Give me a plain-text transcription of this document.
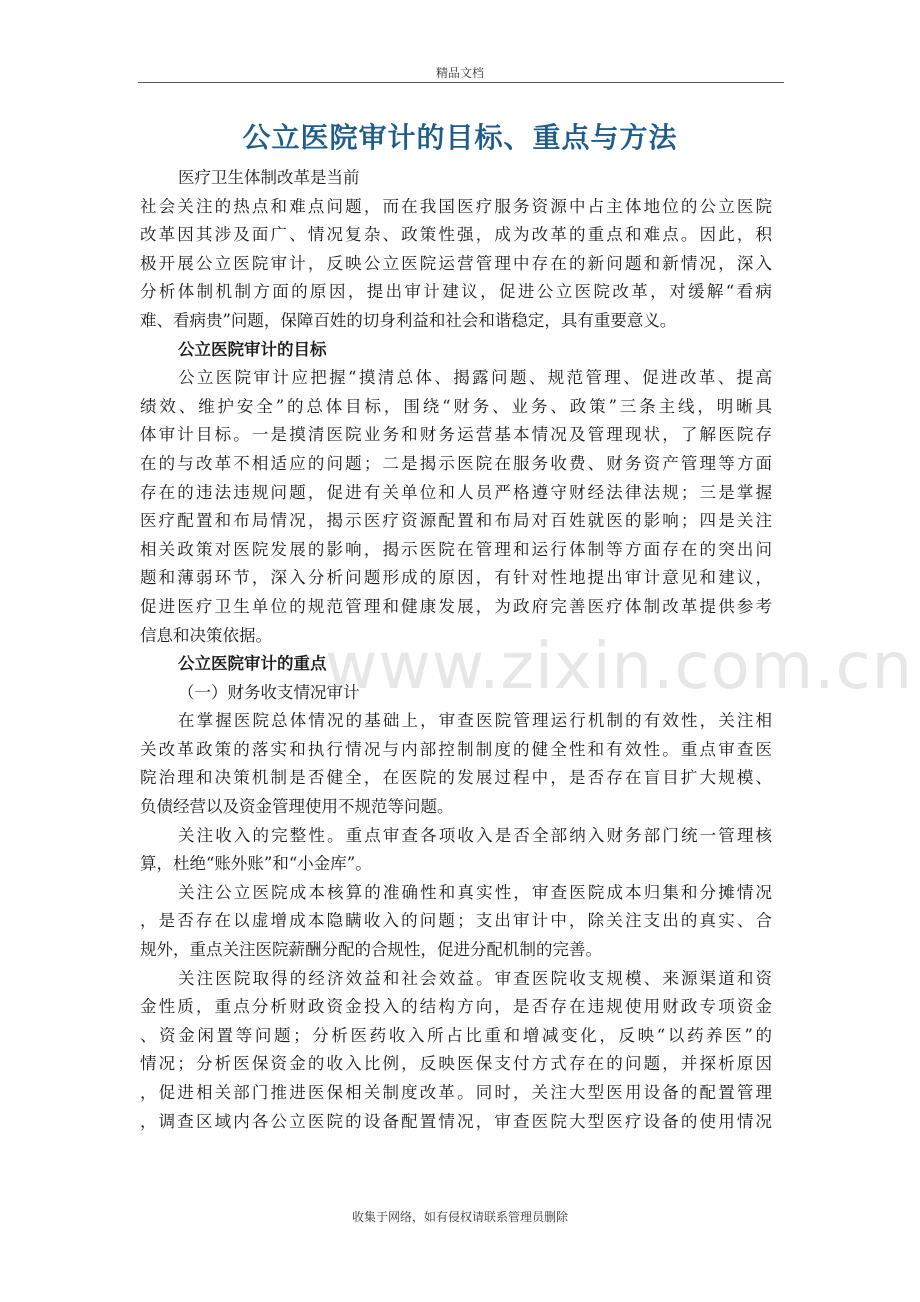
精品文档
公立医院审计的目标、重点与方法
医疗卫生体制改革是当前
社会关注的热点和难点问题，而在我国医疗服务资源中占主体地位的公立医院
改革因其涉及面广、情况复杂、政策性强，成为改革的重点和难点。因此，积
极开展公立医院审计，反映公立医院运营管理中存在的新问题和新情况，深入
分析体制机制方面的原因，提出审计建议，促进公立医院改革，对缓解“看病
难、看病贵”问题，保障百姓的切身利益和社会和谐稳定，具有重要意义。
公立医院审计的目标
公立医院审计应把握“摸清总体、揭露问题、规范管理、促进改革、提高
绩效、维护安全”的总体目标，围绕“财务、业务、政策”三条主线，明晰具
体审计目标。一是摸清医院业务和财务运营基本情况及管理现状，了解医院存
在的与改革不相适应的问题；二是揭示医院在服务收费、财务资产管理等方面
存在的违法违规问题，促进有关单位和人员严格遵守财经法律法规；三是掌握
医疗配置和布局情况，揭示医疗资源配置和布局对百姓就医的影响；四是关注
相关政策对医院发展的影响，揭示医院在管理和运行体制等方面存在的突出问
题和薄弱环节，深入分析问题形成的原因，有针对性地提出审计意见和建议，
促进医疗卫生单位的规范管理和健康发展，为政府完善医疗体制改革提供参考
信息和决策依据。
公立医院审计的重点
（一）财务收支情况审计
在掌握医院总体情况的基础上，审查医院管理运行机制的有效性，关注相
关改革政策的落实和执行情况与内部控制制度的健全性和有效性。重点审查医
院治理和决策机制是否健全，在医院的发展过程中，是否存在盲目扩大规模、
负债经营以及资金管理使用不规范等问题。
关注收入的完整性。重点审查各项收入是否全部纳入财务部门统一管理核
算，杜绝“账外账”和“小金库”。
关注公立医院成本核算的准确性和真实性，审查医院成本归集和分摊情况
，是否存在以虚增成本隐瞒收入的问题；支出审计中，除关注支出的真实、合
规外，重点关注医院薪酬分配的合规性，促进分配机制的完善。
关注医院取得的经济效益和社会效益。审查医院收支规模、来源渠道和资
金性质，重点分析财政资金投入的结构方向，是否存在违规使用财政专项资金
、资金闲置等问题；分析医药收入所占比重和增减变化，反映“以药养医”的
情况；分析医保资金的收入比例，反映医保支付方式存在的问题，并探析原因
，促进相关部门推进医保相关制度改革。同时，关注大型医用设备的配置管理
，调查区域内各公立医院的设备配置情况，审查医院大型医疗设备的使用情况
www.zixin.com.cn
收集于网络，如有侵权请联系管理员删除
